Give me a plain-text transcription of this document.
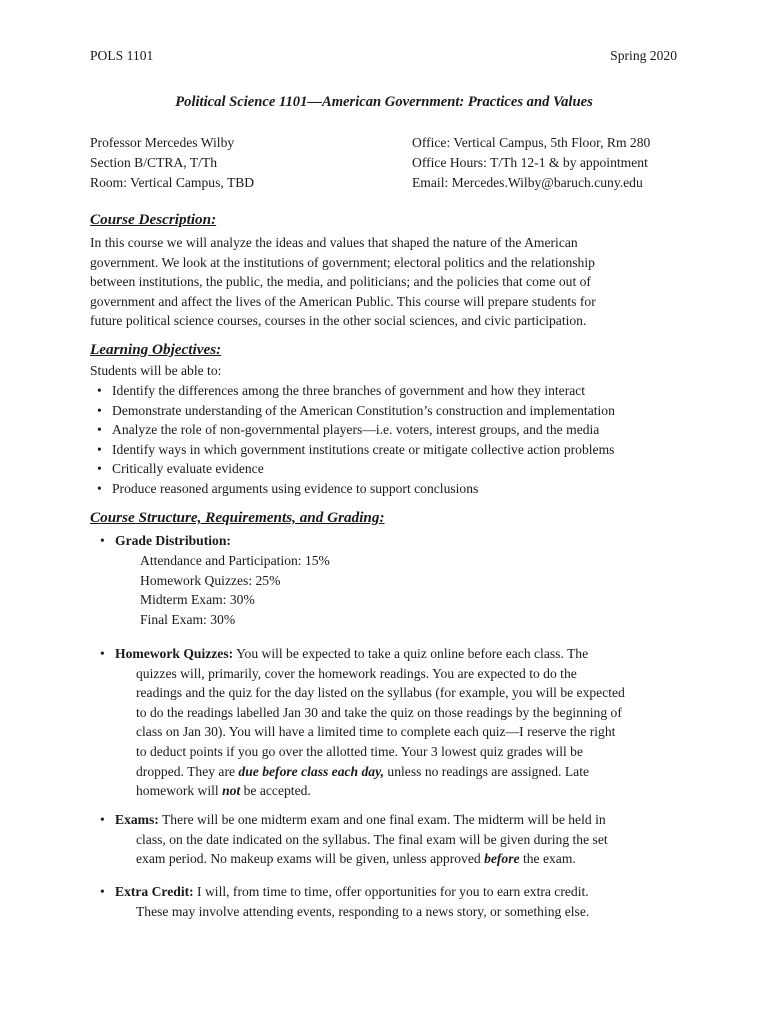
POLS 1101	Spring 2020
Political Science 1101—American Government: Practices and Values
Professor Mercedes Wilby
Section B/CTRA, T/Th
Room: Vertical Campus, TBD
Office: Vertical Campus, 5th Floor, Rm 280
Office Hours: T/Th 12-1 & by appointment
Email: Mercedes.Wilby@baruch.cuny.edu
Course Description:

In this course we will analyze the ideas and values that shaped the nature of the American

government. We look at the institutions of government; electoral politics and the relationship

between institutions, the public, the media, and politicians; and the policies that come out of

government and affect the lives of the American Public. This course will prepare students for

future political science courses, courses in the other social sciences, and civic participation.

Learning Objectives:
Students will be able to:
• Identify the differences among the three branches of government and how they interact
• Demonstrate understanding of the American Constitution’s construction and implementation
• Analyze the role of non-governmental players—i.e. voters, interest groups, and the media
• Identify ways in which government institutions create or mitigate collective action problems
• Critically evaluate evidence
• Produce reasoned arguments using evidence to support conclusions
Course Structure, Requirements, and Grading:
• Grade Distribution:
Attendance and Participation: 15%
Homework Quizzes: 25%
Midterm Exam: 30%
Final Exam: 30%
• Homework Quizzes: You will be expected to take a quiz online before each class. The
quizzes will, primarily, cover the homework readings. You are expected to do the
readings and the quiz for the day listed on the syllabus (for example, you will be expected
to do the readings labelled Jan 30 and take the quiz on those readings by the beginning of
class on Jan 30). You will have a limited time to complete each quiz—I reserve the right
to deduct points if you go over the allotted time. Your 3 lowest quiz grades will be
dropped. They are due before class each day, unless no readings are assigned. Late
homework will not be accepted.
• Exams: There will be one midterm exam and one final exam. The midterm will be held in
class, on the date indicated on the syllabus. The final exam will be given during the set
exam period. No makeup exams will be given, unless approved before the exam.
• Extra Credit: I will, from time to time, offer opportunities for you to earn extra credit.
These may involve attending events, responding to a news story, or something else.
